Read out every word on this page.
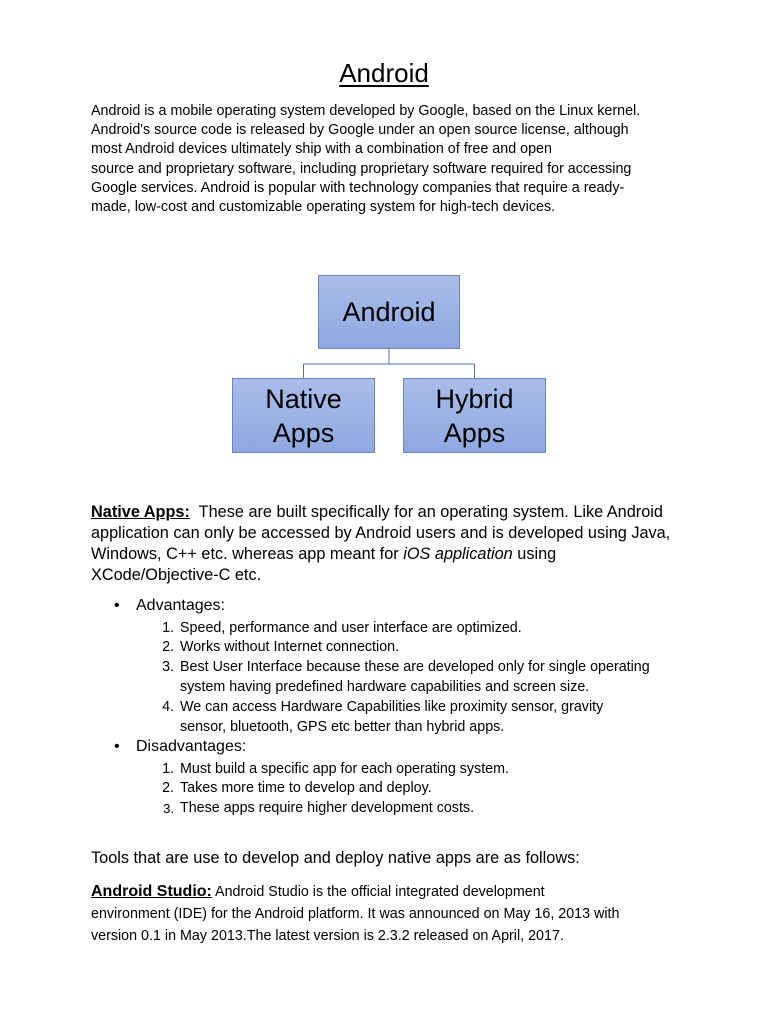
Android
Android is a mobile operating system developed by Google, based on the Linux kernel.
Android's source code is released by Google under an open source license, although
most Android devices ultimately ship with a combination of free and open
source and proprietary software, including proprietary software required for accessing
Google services. Android is popular with technology companies that require a ready-
made, low-cost and customizable operating system for high-tech devices.
Android
Native
Apps
Hybrid
Apps
Native Apps:  These are built specifically for an operating system. Like Android
application can only be accessed by Android users and is developed using Java,
Windows, C++ etc. whereas app meant for iOS application using
XCode/Objective-C etc.
• Advantages:
1. Speed, performance and user interface are optimized.
2. Works without Internet connection.
3. Best User Interface because these are developed only for single operating
system having predefined hardware capabilities and screen size.
4. We can access Hardware Capabilities like proximity sensor, gravity
sensor, bluetooth, GPS etc better than hybrid apps.
• Disadvantages:
1. Must build a specific app for each operating system.
2. Takes more time to develop and deploy.
3. These apps require higher development costs.
Tools that are use to develop and deploy native apps are as follows:
Android Studio: Android Studio is the official integrated development
environment (IDE) for the Android platform. It was announced on May 16, 2013 with
version 0.1 in May 2013.The latest version is 2.3.2 released on April, 2017.
